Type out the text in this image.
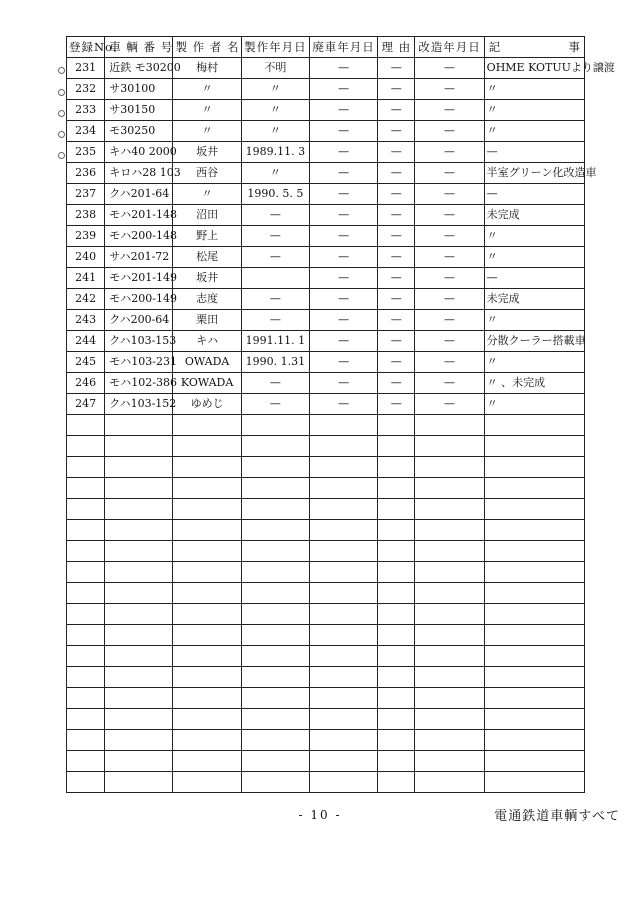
登録No.	車 輌 番 号	製 作 者 名	製作年月日	廃車年月日	理 由	改造年月日	記 事

231	近鉄 モ30200	梅村	不明	—	—	—	OHME KOTUUより譲渡
232	サ30100	〃	〃	—	—	—	〃
233	サ30150	〃	〃	—	—	—	〃
234	モ30250	〃	〃	—	—	—	〃
235	キハ40 2000	坂井	1989.11. 3	—	—	—	—
236	キロハ28 103	西谷	〃	—	—	—	半室グリーン化改造車
237	クハ201-64	〃	1990. 5. 5	—	—	—	—
238	モハ201-148	沼田	—	—	—	—	未完成
239	モハ200-148	野上	—	—	—	—	〃
240	サハ201-72	松尾	—	—	—	—	〃
241	モハ201-149	坂井		—	—	—	—
242	モハ200-149	志度	—	—	—	—	未完成
243	クハ200-64	栗田	—	—	—	—	〃
244	クハ103-153	キハ	1991.11. 1	—	—	—	分散クーラー搭載車
245	モハ103-231	OWADA	1990. 1.31	—	—	—	〃
246	モハ102-386	KOWADA	—	—	—	—	〃 、未完成
247	クハ103-152	ゆめじ	—	—	—	—	〃

- 10 -	電通鉄道車輌すべて
